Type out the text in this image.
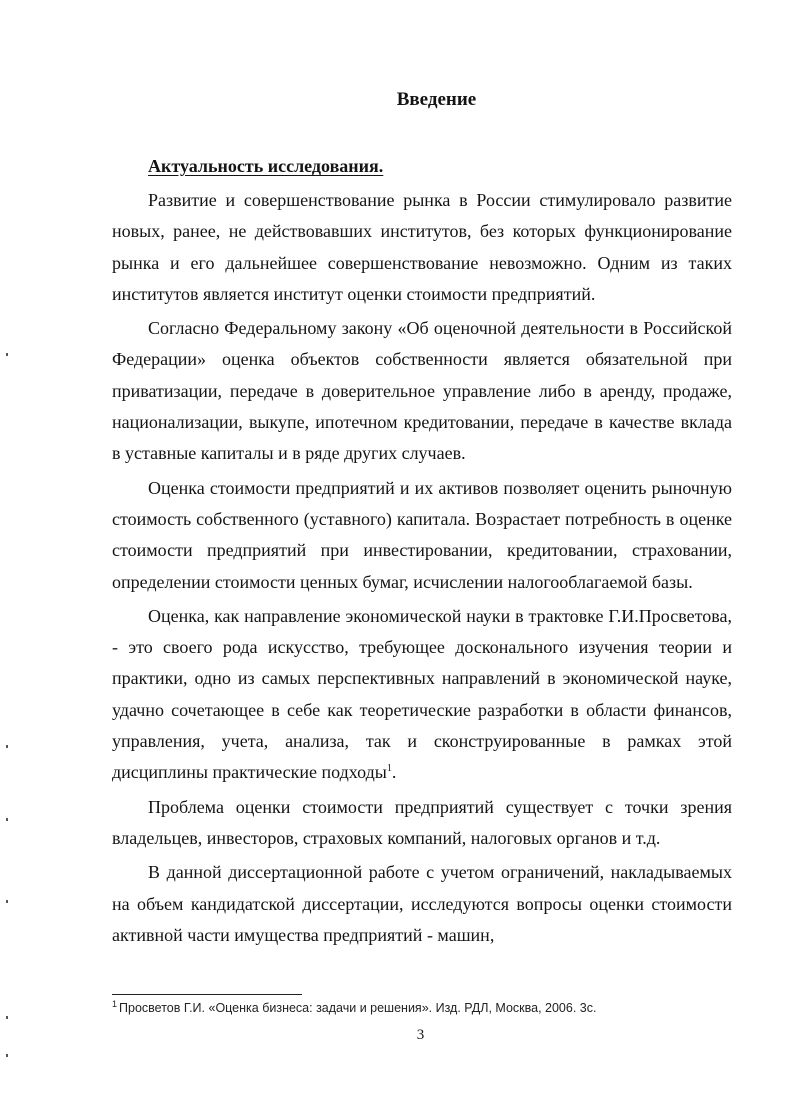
Введение
Актуальность исследования.

Развитие и совершенствование рынка в России стимулировало развитие новых, ранее, не действовавших институтов, без которых функционирование рынка и его дальнейшее совершенствование невозможно. Одним из таких институтов является институт оценки стоимости предприятий.

Согласно Федеральному закону «Об оценочной деятельности в Российской Федерации» оценка объектов собственности является обязательной при приватизации, передаче в доверительное управление либо в аренду, продаже, национализации, выкупе, ипотечном кредитовании, передаче в качестве вклада в уставные капиталы и в ряде других случаев.

Оценка стоимости предприятий и их активов позволяет оценить рыночную стоимость собственного (уставного) капитала. Возрастает потребность в оценке стоимости предприятий при инвестировании, кредитовании, страховании, определении стоимости ценных бумаг, исчислении налогооблагаемой базы.

Оценка, как направление экономической науки в трактовке Г.И.Просветова, - это своего рода искусство, требующее досконального изучения теории и практики, одно из самых перспективных направлений в экономической науке, удачно сочетающее в себе как теоретические разработки в области финансов, управления, учета, анализа, так и сконструированные в рамках этой дисциплины практические подходы$^1$.

Проблема оценки стоимости предприятий существует с точки зрения владельцев, инвесторов, страховых компаний, налоговых органов и т.д.

В данной диссертационной работе с учетом ограничений, накладываемых на объем кандидатской диссертации, исследуются вопросы оценки стоимости активной части имущества предприятий - машин,

$^1$ Просветов Г.И. «Оценка бизнеса: задачи и решения». Изд. РДЛ, Москва, 2006. 3с.
3
